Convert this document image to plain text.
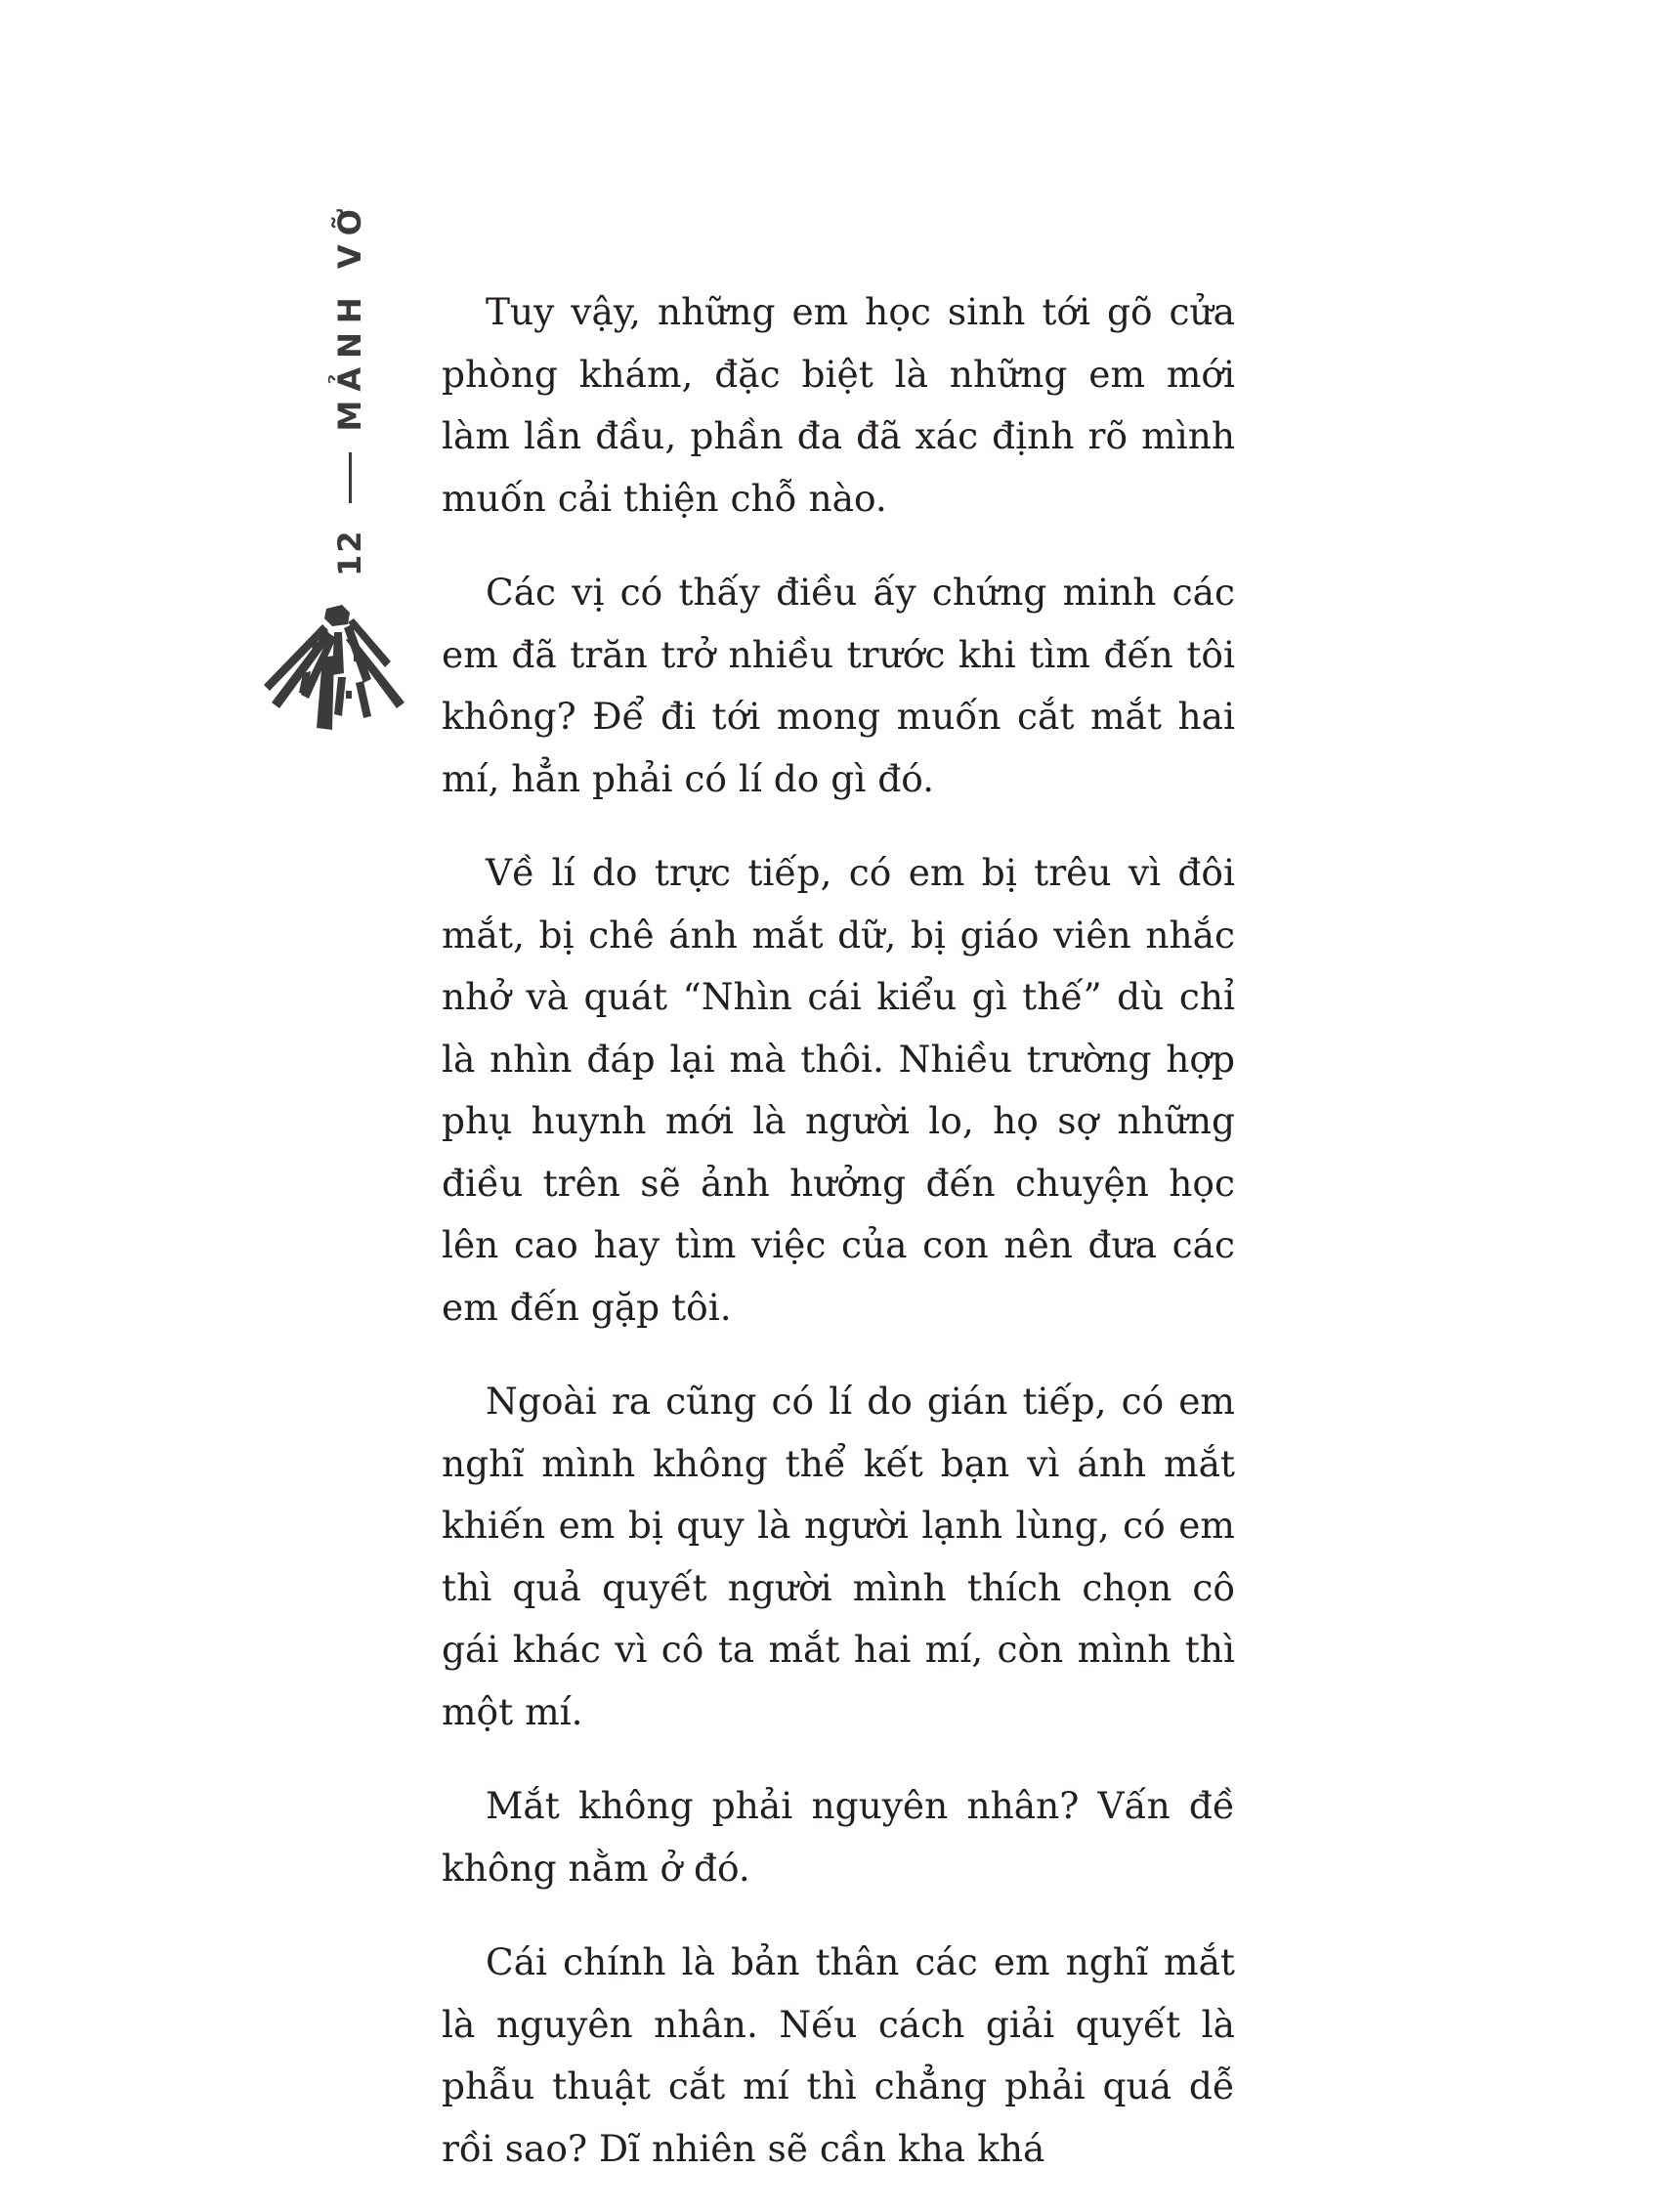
12
MẢNH VỠ	Tuy vậy, những em học sinh tới gõ cửa phòng khám, đặc biệt là những em mới làm lần đầu, phần đa đã xác định rõ mình muốn cải thiện chỗ nào.

Các vị có thấy điều ấy chứng minh các em đã trăn trở nhiều trước khi tìm đến tôi không? Để đi tới mong muốn cắt mắt hai mí, hẳn phải có lí do gì đó.

Về lí do trực tiếp, có em bị trêu vì đôi mắt, bị chê ánh mắt dữ, bị giáo viên nhắc nhở và quát “Nhìn cái kiểu gì thế” dù chỉ là nhìn đáp lại mà thôi. Nhiều trường hợp phụ huynh mới là người lo, họ sợ những điều trên sẽ ảnh hưởng đến chuyện học lên cao hay tìm việc của con nên đưa các em đến gặp tôi.

Ngoài ra cũng có lí do gián tiếp, có em nghĩ mình không thể kết bạn vì ánh mắt khiến em bị quy là người lạnh lùng, có em thì quả quyết người mình thích chọn cô gái khác vì cô ta mắt hai mí, còn mình thì một mí.

Mắt không phải nguyên nhân? Vấn đề không nằm ở đó.

Cái chính là bản thân các em nghĩ mắt là nguyên nhân. Nếu cách giải quyết là phẫu thuật cắt mí thì chẳng phải quá dễ rồi sao? Dĩ nhiên sẽ cần kha khá
